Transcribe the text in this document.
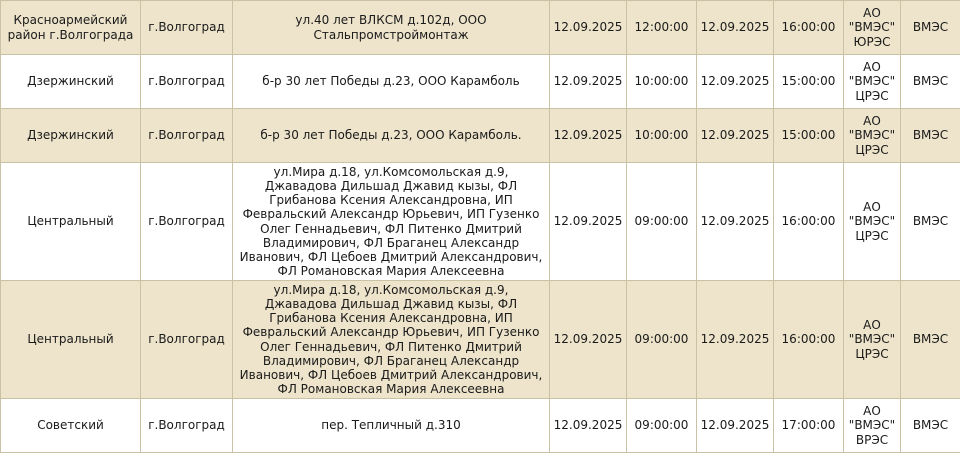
Красноармейский район г.Волгограда	г.Волгоград	ул.40 лет ВЛКСМ д.102д, ООО Стальпромстроймонтаж	12.09.2025	12:00:00	12.09.2025	16:00:00	АО "ВМЭС" ЮРЭС	ВМЭС
Дзержинский	г.Волгоград	б-р 30 лет Победы д.23, ООО Карамболь	12.09.2025	10:00:00	12.09.2025	15:00:00	АО "ВМЭС" ЦРЭС	ВМЭС
Дзержинский	г.Волгоград	б-р 30 лет Победы д.23, ООО Карамболь.	12.09.2025	10:00:00	12.09.2025	15:00:00	АО "ВМЭС" ЦРЭС	ВМЭС
Центральный	г.Волгоград	ул.Мира д.18, ул.Комсомольская д.9, Джавадова Дильшад Джавид кызы, ФЛ Грибанова Ксения Александровна, ИП Февральский Александр Юрьевич, ИП Гузенко Олег Геннадьевич, ФЛ Питенко Дмитрий Владимирович, ФЛ Браганец Александр Иванович, ФЛ Цебоев Дмитрий Александрович, ФЛ Романовская Мария Алексеевна	12.09.2025	09:00:00	12.09.2025	16:00:00	АО "ВМЭС" ЦРЭС	ВМЭС
Центральный	г.Волгоград	ул.Мира д.18, ул.Комсомольская д.9, Джавадова Дильшад Джавид кызы, ФЛ Грибанова Ксения Александровна, ИП Февральский Александр Юрьевич, ИП Гузенко Олег Геннадьевич, ФЛ Питенко Дмитрий Владимирович, ФЛ Браганец Александр Иванович, ФЛ Цебоев Дмитрий Александрович, ФЛ Романовская Мария Алексеевна	12.09.2025	09:00:00	12.09.2025	16:00:00	АО "ВМЭС" ЦРЭС	ВМЭС
Советский	г.Волгоград	пер. Тепличный д.310	12.09.2025	09:00:00	12.09.2025	17:00:00	АО "ВМЭС" ВРЭС	ВМЭС
